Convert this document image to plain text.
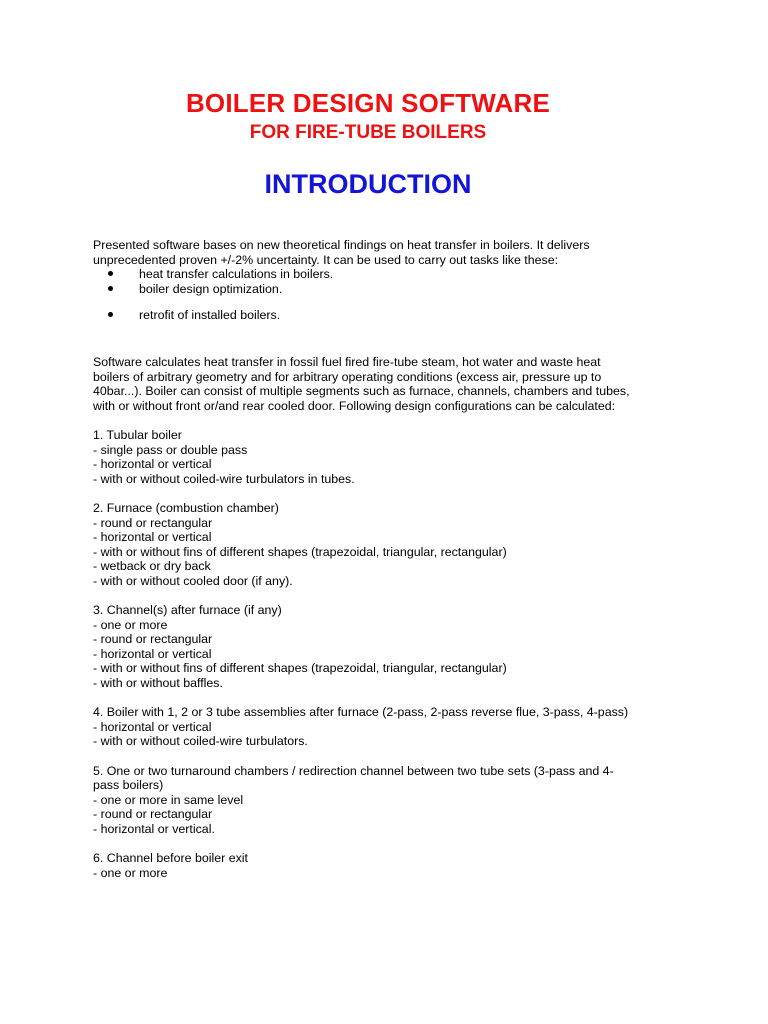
BOILER DESIGN SOFTWARE
FOR FIRE-TUBE BOILERS
INTRODUCTION

Presented software bases on new theoretical findings on heat transfer in boilers. It delivers unprecedented proven +/-2% uncertainty. It can be used to carry out tasks like these:

heat transfer calculations in boilers.
boiler design optimization.
retrofit of installed boilers.

Software calculates heat transfer in fossil fuel fired fire-tube steam, hot water and waste heat boilers of arbitrary geometry and for arbitrary operating conditions (excess air, pressure up to 40bar...). Boiler can consist of multiple segments such as furnace, channels, chambers and tubes, with or without front or/and rear cooled door. Following design configurations can be calculated:

1. Tubular boiler
- single pass or double pass
- horizontal or vertical
- with or without coiled-wire turbulators in tubes.
2. Furnace (combustion chamber)
- round or rectangular
- horizontal or vertical
- with or without fins of different shapes (trapezoidal, triangular, rectangular)
- wetback or dry back
- with or without cooled door (if any).
3. Channel(s) after furnace (if any)
- one or more
- round or rectangular
- horizontal or vertical
- with or without fins of different shapes (trapezoidal, triangular, rectangular)
- with or without baffles.
4. Boiler with 1, 2 or 3 tube assemblies after furnace (2-pass, 2-pass reverse flue, 3-pass, 4-pass)
- horizontal or vertical
- with or without coiled-wire turbulators.
5. One or two turnaround chambers / redirection channel between two tube sets (3-pass and 4-pass boilers)
- one or more in same level
- round or rectangular
- horizontal or vertical.
6. Channel before boiler exit
- one or more
